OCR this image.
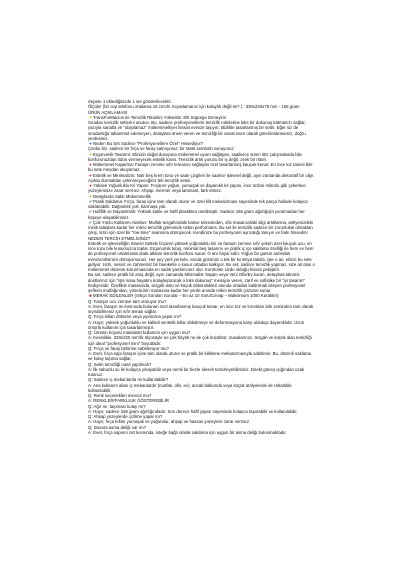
Sepete 1 eklediğinizde 1 set gönderilecektir.

Ölçüler (bir cep telefonu ortalama 16 cm'dir. Kıyaslamanız için kolaylık değil mi? ) : 330x220x75 mm - 165 gram

ÜRÜN AÇIKLAMASI

✦TransForMacion ile Temizlik Ritüelini Yükseltin: Elit Süpürge Deneyimi

Sıradan temizlik setlerini unutun. Bu, sadece profesyonellerin temizlik rutinlerine lüks bir dokunuş katmanızı sağlar; yazıyla sanatla ve "ulaşılamaz" mükemmelliyet hissini evinize taşıyın, titizlikle tasarlanmış bir settir. Eğer siz de sıradanlığa tahammül edemeyen, detaylara önem veren ve temizliği bir sanat eseri olarak görenlerdenseniz, doğru yerdesiniz.

♥Neden Bu Set Sadece "Profesyonellere Özel" Hissediyor?

Çünkü biz, sadece bir fırça ve faraş satmıyoruz; bir statü sembolü sunuyoruz:

✦Ergonomik Tasarım: Elinizin doğal duruşuna mükemmel uyum sağlayan, saatlerce süren titiz çalışmalarda bile konforunuzdan ödün vermeyecek estetik kavis. Temizlik artık yorucu bir iş değil, zevk bir ritüel.

●Mükemmel Kaparma: Faraşın zemine sıfır temasını sağlayan özel tasarlanmış kauçuk kenar: En ince toz tanesi bile bu sete meydan okuyamaz.

●Estetik ve Minimalizm: Nötr beş krem tonu ve sade çizgileri ile sadece işlevsel değil, aynı zamanda dekoratif bir obje. Açıkta durmaktan çekinmeyeceğiniz tek temizlik setini.

●Yüksek Yoğunluklu Kıl Yapısı: Fırçanın yoğun, yumuşak ve dayanıklı kıl yapısı, ince tozları mikrolu gibi çekerken yüzeylerinize zarar vermez. Ahşap, mermer veya laminant, fark etmez.

✦Detaylarda Saklı Mükemmellik

✔Pratik Saklama: Fırça, faraş içine tam olarak oturur ve özel klit mekanizması sayesinde tek parça halinde kolayca saklanabilir. Dağınıklık yok, karmaşa yok.

✔Hafiflik ve Dayanıklılık: Yüksek kalite ve hafif plastikten üretilmiştir. Sadece 165 gram ağırlığıyla yorulmadan her köşeye ulaşabilirsiniz.

✔Çok Yönlü Kullanım Alanları: Mutfak tezgahındaki kahve telvesinden, ofis masanızdaki silgi artıklarına, atölyenizdeki minik talaşlara kadar her mikro temizlik görevinde üstün performans. Bu set ile temizlik sadece bir zorunluluk olmaktan çıkış, sizin için özel bir "me-time" seansına dönüşecek. Kendinize bu profesyonel ayrıcalığı tanıyın ve farkı hissedin!

NEDEN TERCİH ETMELİSİNİZ?

Estetik ve işlevselliğin Sinesi! Setteki fırçanın yüksek yoğunluklu kılı ve faraşın zemine sıfır çeken özel kauçuk ucu, en ince tozu bile kusursuzca toplar. Ergonomik tutuş, minimal beş tasarımı ve pratik iç içe saklama özelliği ile hem ev hem de profesyonel ortamlarda statü atlatısı temizlik konforu sunar. O anı hayal edin: Yoğun bir günün ardından evinize/ofisinize dönüyorsunuz. Her şey yerli yerinde, ancak gözünüz o tek bir kırıntıya takıldı, işte o an, elinizi bu sete gidiyor. Hızlı, sessiz ve zahmetsiz bir hareketle o kusur ortadan kalkıyor. Bu set, sadece temizlik yapmaz, size ait olan o mükemmel düzenin korunmasında en sadık yardımcınız olur. Kontrolün sizde olduğu hissini pekiştirir.

Bu set, sadece pratik bir araç değil, aynı zamanda Minimalist Yaşam veya Veni Ofis/Ev kuran, detaylara takıntılı dostlarınız için "işte sana hayatını kolaylaştıracak o lüks dokunuş" mesajını veren, zarif ve sofistike bir "iyi tasarım" hediyesidir. Özellikle masasında, tezgah üstü ve küçük dökümlükleri anında ortadan kaldırmak isteyen profesyonel şeflerin mutfağından, yöneticinin masasına kadar her yerde anında mikro temizlik çözümü sunar.

■MERAK EDİLENLER (Sıkça Sorulan Sorular – En az 10 Soru/Cevap – Maksimum 1000 Karakter)

Q: Faraşın ucu zemine tam oturuyor mu?

A: Evet, faraşın ön kısmında bulunan özel tasarlanmış kauçuk kenar, en ince toz ve kırıntıları bile zeminden tam olarak sıyırabilmeniz için sıfır temas sağlar.

Q: Fırça kılları döküme veya yıpranma yapar mı?

A: Hayır, yüksek yoğunluklu ve kaliteli sentetik kıllar dökülmeye ve deformasyona karşı oldukça dayanıklıdır. Uzun ömürlü kullanım için tasarlanmıştır.

Q: Ürünün boyutu masaüstü kullanımı için uygun mu?

A: Kesinlikle. 330x220 mm'lik ölçüsüyle ne çok büyük ne de çok küçüktür; masalarınızı, tezgah ve küçük alan temizliği için ideal "profesyonel mini" boyuttadır.

Q: Fırça ve faraş birbirine sabitleniyor mu?

A: Evet, fırça sapı faraşın içine tam olarak oturur ve pratik bir kilitleme mekanizmasıyla sabitlenir. Bu, düzenli saklama ve kolay taşıma sağlar.

Q: Setin temizliği nasıl yapılmalı?

A: İlk sabunlu su ile kolayca yıkayabilir veya nemli bir bezle silerek temizleyebilirsiniz. Direkt güneş ışığından uzak tutunuz.

Q: Sadece iç mekanlarda mı kullanılabilir?

A: Ana kullanım alanı iç mekanlardır (mutfak, ofis, ev), ancak balkonda veya küçük atölyelerde de rahatlıkla kullanılabilir.

Q: Renk seçenekleri mevcut mu?

A: RENKLER/FARKLILIK GÖSTEREBİLİR

Q: Ağır mı, taşıması kolay mı?

A: Hayır, sadece 165 gram ağırlığındadır. Son derece hafif yapısı sayesinde kolayca taşınabilir ve kullanılabilir.

Q: Ahşap yüzeylerde çizilme yapar mı?

A: Hayır, fırça kılları yumuşak ve yoğundur, ahşap ve hassas yüzeylere zarar vermez.

Q: Duvara asma deliği var mı?

A: Evet, fırça sapının üst kısmında, isteğe bağlı olarak saklama için uygun bir asma deliği bulunmaktadır.
